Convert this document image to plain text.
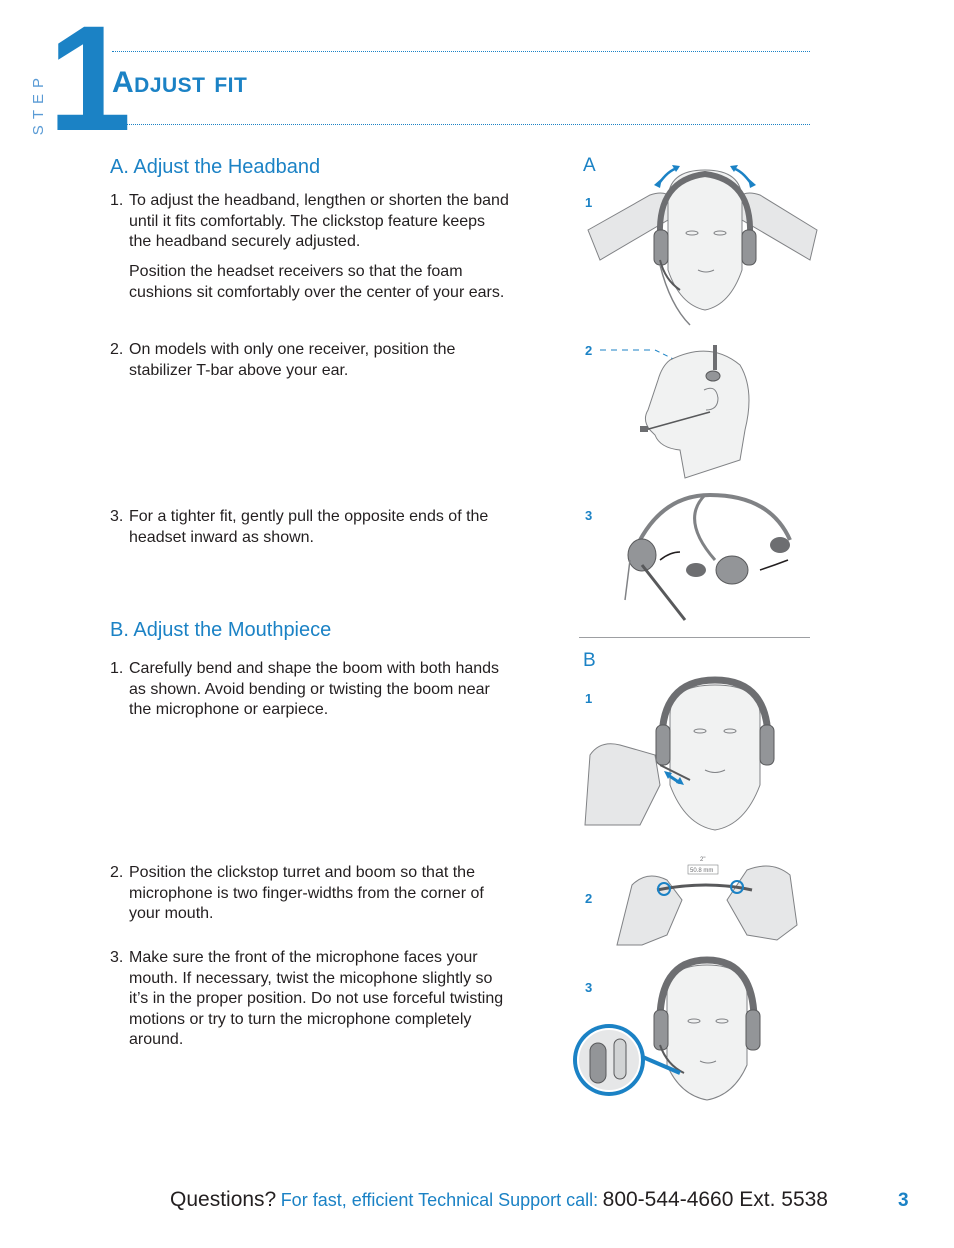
STEP 1
Adjust fit
A. Adjust the Headband
1. To adjust the headband, lengthen or shorten the band until it fits comfortably. The clickstop feature keeps the headband securely adjusted.
Position the headset receivers so that the foam cushions sit comfortably over the center of your ears.
2. On models with only one receiver, position the stabilizer T-bar above your ear.
3. For a tighter fit, gently pull the opposite ends of the headset inward as shown.
B. Adjust the Mouthpiece
1. Carefully bend and shape the boom with both hands as shown. Avoid bending or twisting the boom near the microphone or earpiece.
2. Position the clickstop turret and boom so that the microphone is two finger-widths from the corner of your mouth.
3. Make sure the front of the microphone faces your mouth. If necessary, twist the micophone slightly so it’s in the proper position. Do not use forceful twisting motions or try to turn the microphone completely around.
A
1
2
3
B
1
2
3
2"
50.8 mm
Questions? For fast, efficient Technical Support call: 800-544-4660 Ext. 5538	3
